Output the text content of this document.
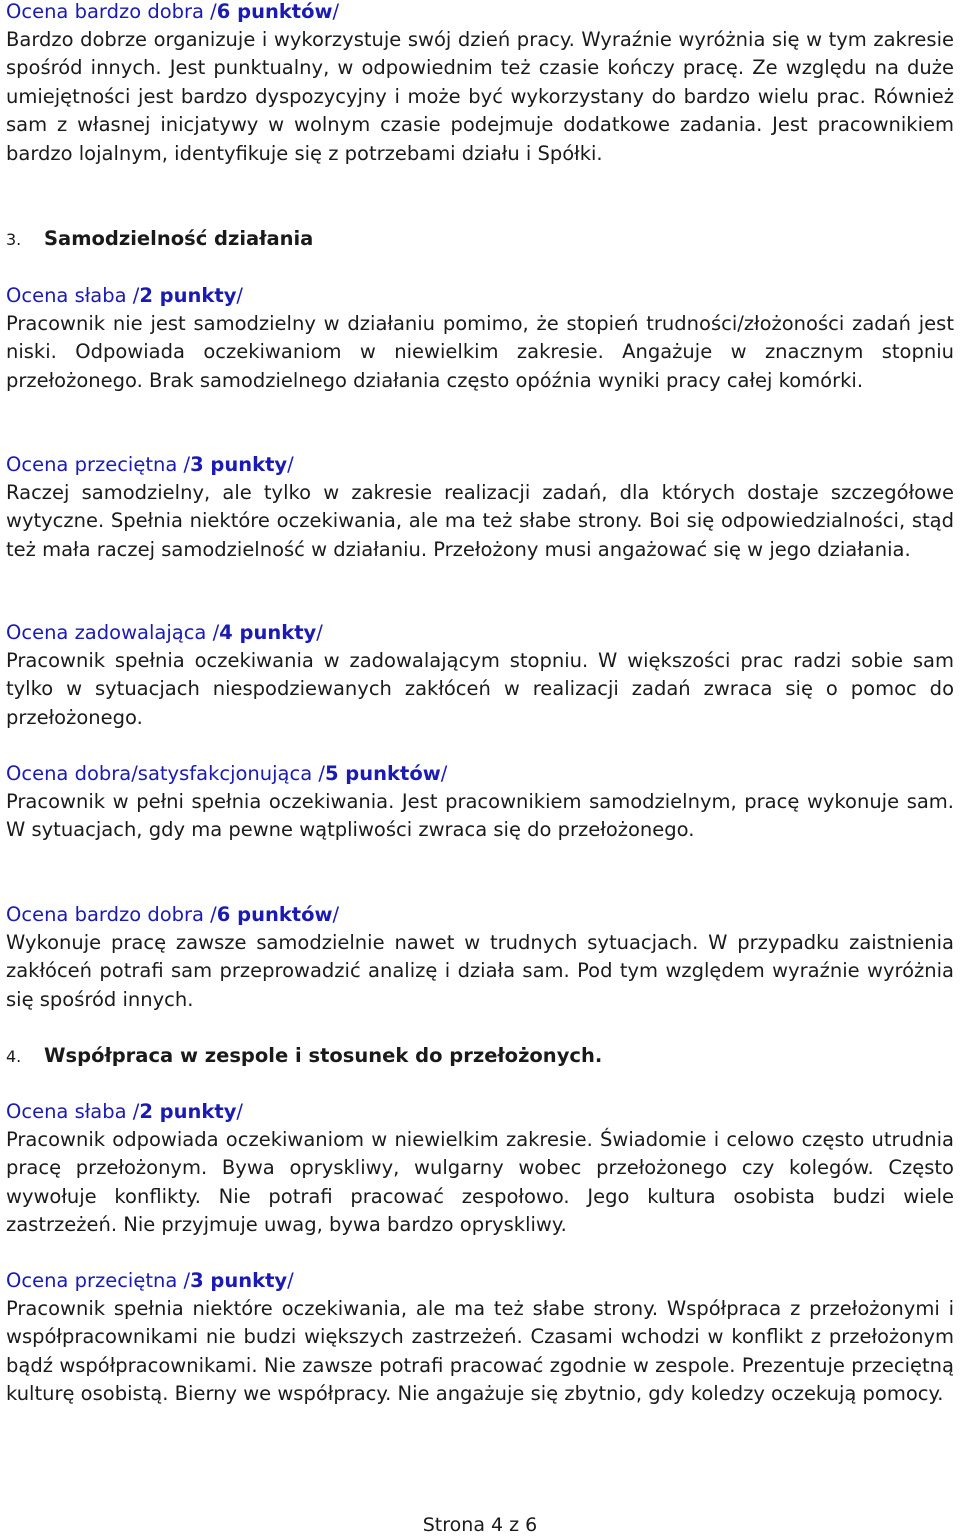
Ocena bardzo dobra /6 punktów/
Bardzo dobrze organizuje i wykorzystuje swój dzień pracy. Wyraźnie wyróżnia się w tym zakresie spośród innych. Jest punktualny, w odpowiednim też czasie kończy pracę. Ze względu na duże umiejętności jest bardzo dyspozycyjny i może być wykorzystany do bardzo wielu prac. Również sam z własnej inicjatywy w wolnym czasie podejmuje dodatkowe zadania. Jest pracownikiem bardzo lojalnym, identyfikuje się z potrzebami działu i Spółki.
3. Samodzielność działania
Ocena słaba /2 punkty/
Pracownik nie jest samodzielny w działaniu pomimo, że stopień trudności/złożoności zadań jest niski. Odpowiada oczekiwaniom w niewielkim zakresie. Angażuje w znacznym stopniu przełożonego. Brak samodzielnego działania często opóźnia wyniki pracy całej komórki.
Ocena przeciętna /3 punkty/
Raczej samodzielny, ale tylko w zakresie realizacji zadań, dla których dostaje szczegółowe wytyczne. Spełnia niektóre oczekiwania, ale ma też słabe strony. Boi się odpowiedzialności, stąd też mała raczej samodzielność w działaniu. Przełożony musi angażować się w jego działania.
Ocena zadowalająca /4 punkty/
Pracownik spełnia oczekiwania w zadowalającym stopniu. W większości prac radzi sobie sam tylko w sytuacjach niespodziewanych zakłóceń w realizacji zadań zwraca się o pomoc do przełożonego.
Ocena dobra/satysfakcjonująca /5 punktów/
Pracownik w pełni spełnia oczekiwania. Jest pracownikiem samodzielnym, pracę wykonuje sam. W sytuacjach, gdy ma pewne wątpliwości zwraca się do przełożonego.
Ocena bardzo dobra /6 punktów/
Wykonuje pracę zawsze samodzielnie nawet w trudnych sytuacjach. W przypadku zaistnienia zakłóceń potrafi sam przeprowadzić analizę i działa sam. Pod tym względem wyraźnie wyróżnia się spośród innych.
4. Współpraca w zespole i stosunek do przełożonych.
Ocena słaba /2 punkty/
Pracownik odpowiada oczekiwaniom w niewielkim zakresie. Świadomie i celowo często utrudnia pracę przełożonym. Bywa opryskliwy, wulgarny wobec przełożonego czy kolegów. Często wywołuje konflikty. Nie potrafi pracować zespołowo. Jego kultura osobista budzi wiele zastrzeżeń. Nie przyjmuje uwag, bywa bardzo opryskliwy.
Ocena przeciętna /3 punkty/
Pracownik spełnia niektóre oczekiwania, ale ma też słabe strony. Współpraca z przełożonymi i współpracownikami nie budzi większych zastrzeżeń. Czasami wchodzi w konflikt z przełożonym bądź współpracownikami. Nie zawsze potrafi pracować zgodnie w zespole. Prezentuje przeciętną kulturę osobistą. Bierny we współpracy. Nie angażuje się zbytnio, gdy koledzy oczekują pomocy.
Strona 4 z 6
